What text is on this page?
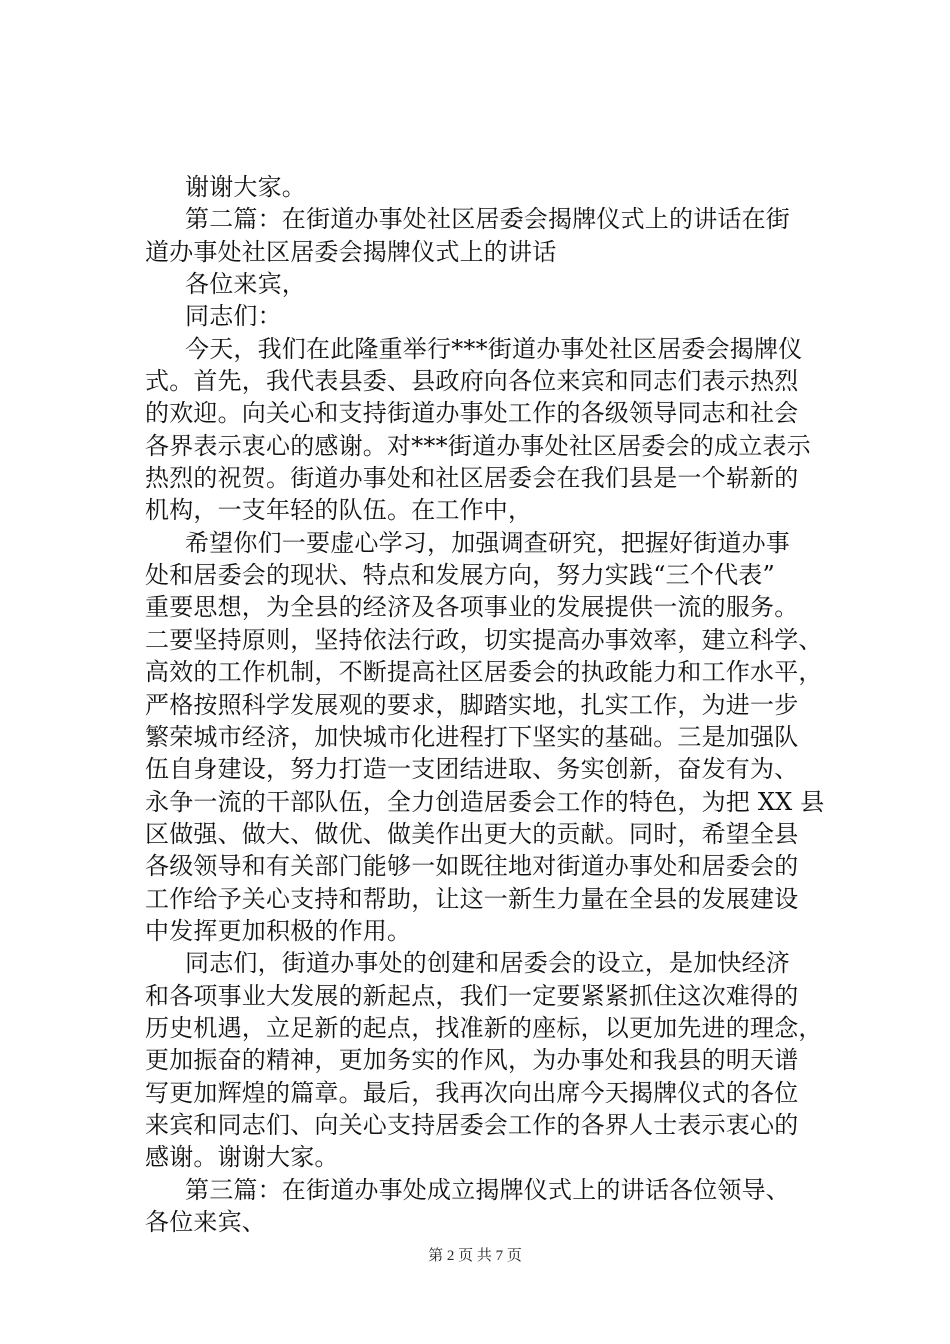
谢谢大家。
第二篇：在街道办事处社区居委会揭牌仪式上的讲话在街
道办事处社区居委会揭牌仪式上的讲话
各位来宾，
同志们：
今天，我们在此隆重举行***街道办事处社区居委会揭牌仪
式。首先，我代表县委、县政府向各位来宾和同志们表示热烈
的欢迎。向关心和支持街道办事处工作的各级领导同志和社会
各界表示衷心的感谢。对***街道办事处社区居委会的成立表示
热烈的祝贺。街道办事处和社区居委会在我们县是一个崭新的
机构，一支年轻的队伍。在工作中，
希望你们一要虚心学习，加强调查研究，把握好街道办事
处和居委会的现状、特点和发展方向，努力实践“三个代表”
重要思想，为全县的经济及各项事业的发展提供一流的服务。
二要坚持原则，坚持依法行政，切实提高办事效率，建立科学、
高效的工作机制，不断提高社区居委会的执政能力和工作水平，
严格按照科学发展观的要求，脚踏实地，扎实工作，为进一步
繁荣城市经济，加快城市化进程打下坚实的基础。三是加强队
伍自身建设，努力打造一支团结进取、务实创新，奋发有为、
永争一流的干部队伍，全力创造居委会工作的特色，为把 XX 县
区做强、做大、做优、做美作出更大的贡献。同时，希望全县
各级领导和有关部门能够一如既往地对街道办事处和居委会的
工作给予关心支持和帮助，让这一新生力量在全县的发展建设
中发挥更加积极的作用。
同志们，街道办事处的创建和居委会的设立，是加快经济
和各项事业大发展的新起点，我们一定要紧紧抓住这次难得的
历史机遇，立足新的起点，找准新的座标，以更加先进的理念，
更加振奋的精神，更加务实的作风，为办事处和我县的明天谱
写更加辉煌的篇章。最后，我再次向出席今天揭牌仪式的各位
来宾和同志们、向关心支持居委会工作的各界人士表示衷心的
感谢。谢谢大家。
第三篇：在街道办事处成立揭牌仪式上的讲话各位领导、
各位来宾、
第 2 页 共 7 页
